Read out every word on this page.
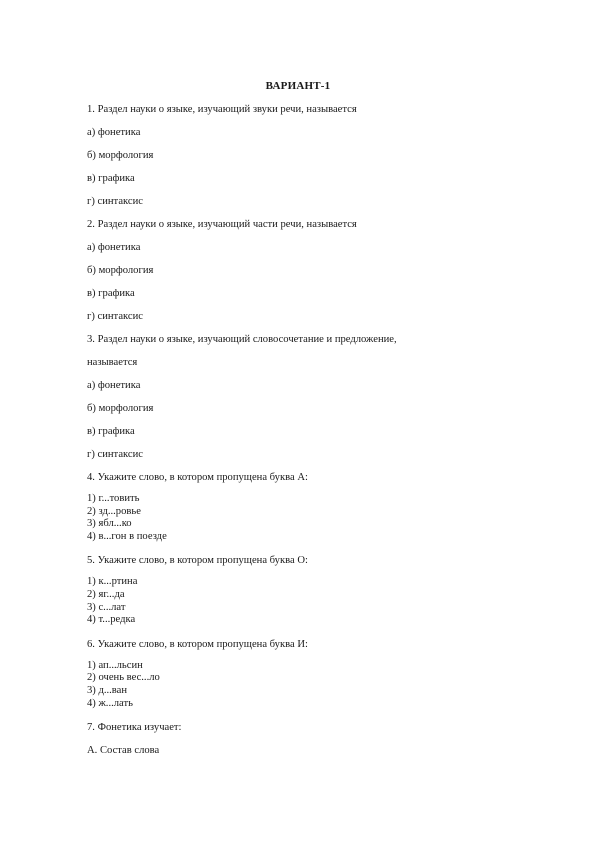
ВАРИАНТ-1
1. Раздел науки о языке, изучающий звуки речи, называется
а) фонетика
б) морфология
в) графика
г) синтаксис
2. Раздел науки о языке, изучающий части речи, называется
а) фонетика
б) морфология
в) графика
г) синтаксис
3. Раздел науки о языке, изучающий словосочетание и предложение,
называется
а) фонетика
б) морфология
в) графика
г) синтаксис
4. Укажите слово, в котором пропущена буква А:
1) г...товить
2) зд...ровье
3) ябл...ко
4) в...гон в поезде
5. Укажите слово, в котором пропущена буква О:
1) к...ртина
2) яг...да
3) с...лат
4) т...редка
6. Укажите слово, в котором пропущена буква И:
1) ап...льсин
2) очень вес...ло
3) д...ван
4) ж...лать
7. Фонетика изучает:
А. Состав слова
